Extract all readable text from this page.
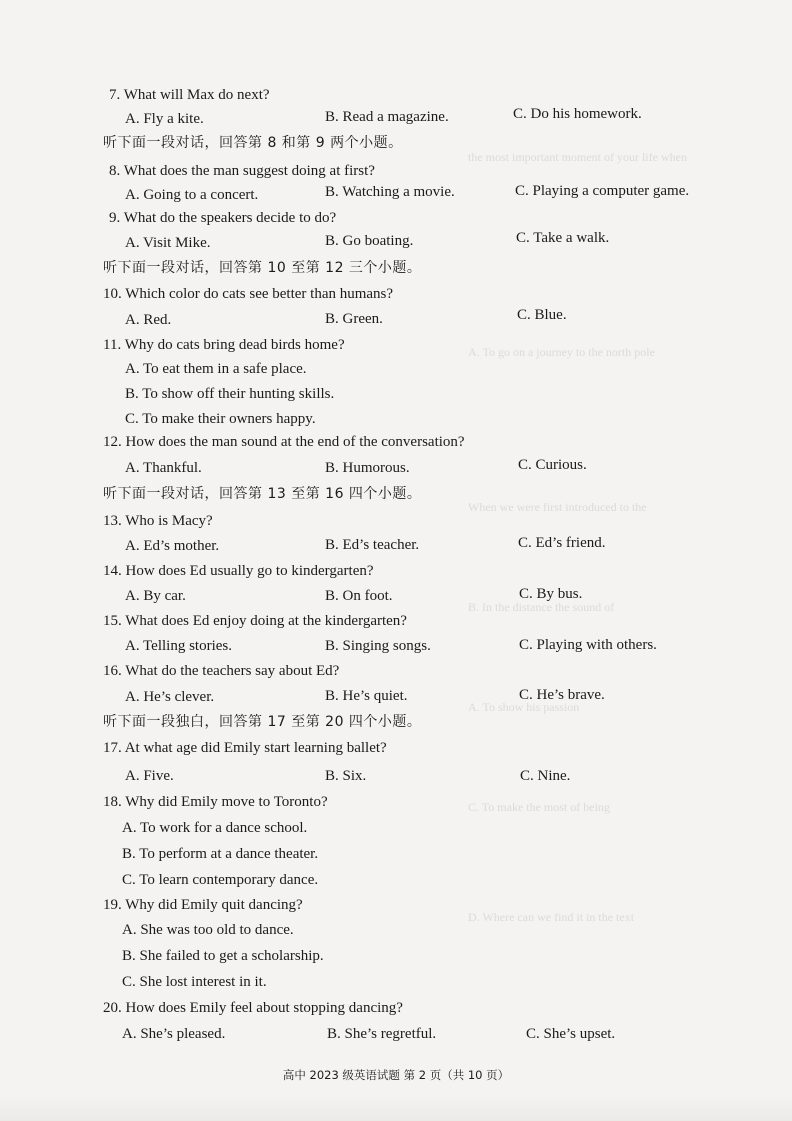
the most important moment of your life when
A. To go on a journey to the north pole
When we were first introduced to the
B. In the distance the sound of
A. To show his passion
C. To make the most of being
D. Where can we find it in the text
7. What will Max do next?
A. Fly a kite.	B. Read a magazine.	C. Do his homework.
听下面一段对话，回答第 8 和第 9 两个小题。
8. What does the man suggest doing at first?
A. Going to a concert.	B. Watching a movie.	C. Playing a computer game.
9. What do the speakers decide to do?
A. Visit Mike.	B. Go boating.	C. Take a walk.
听下面一段对话，回答第 10 至第 12 三个小题。
10. Which color do cats see better than humans?
A. Red.	B. Green.	C. Blue.
11. Why do cats bring dead birds home?
A. To eat them in a safe place.
B. To show off their hunting skills.
C. To make their owners happy.
12. How does the man sound at the end of the conversation?
A. Thankful.	B. Humorous.	C. Curious.
听下面一段对话，回答第 13 至第 16 四个小题。
13. Who is Macy?
A. Ed’s mother.	B. Ed’s teacher.	C. Ed’s friend.
14. How does Ed usually go to kindergarten?
A. By car.	B. On foot.	C. By bus.
15. What does Ed enjoy doing at the kindergarten?
A. Telling stories.	B. Singing songs.	C. Playing with others.
16. What do the teachers say about Ed?
A. He’s clever.	B. He’s quiet.	C. He’s brave.
听下面一段独白，回答第 17 至第 20 四个小题。
17. At what age did Emily start learning ballet?
A. Five.	B. Six.	C. Nine.
18. Why did Emily move to Toronto?
A. To work for a dance school.
B. To perform at a dance theater.
C. To learn contemporary dance.
19. Why did Emily quit dancing?
A. She was too old to dance.
B. She failed to get a scholarship.
C. She lost interest in it.
20. How does Emily feel about stopping dancing?
A. She’s pleased.	B. She’s regretful.	C. She’s upset.
高中 2023 级英语试题 第 2 页（共 10 页）
